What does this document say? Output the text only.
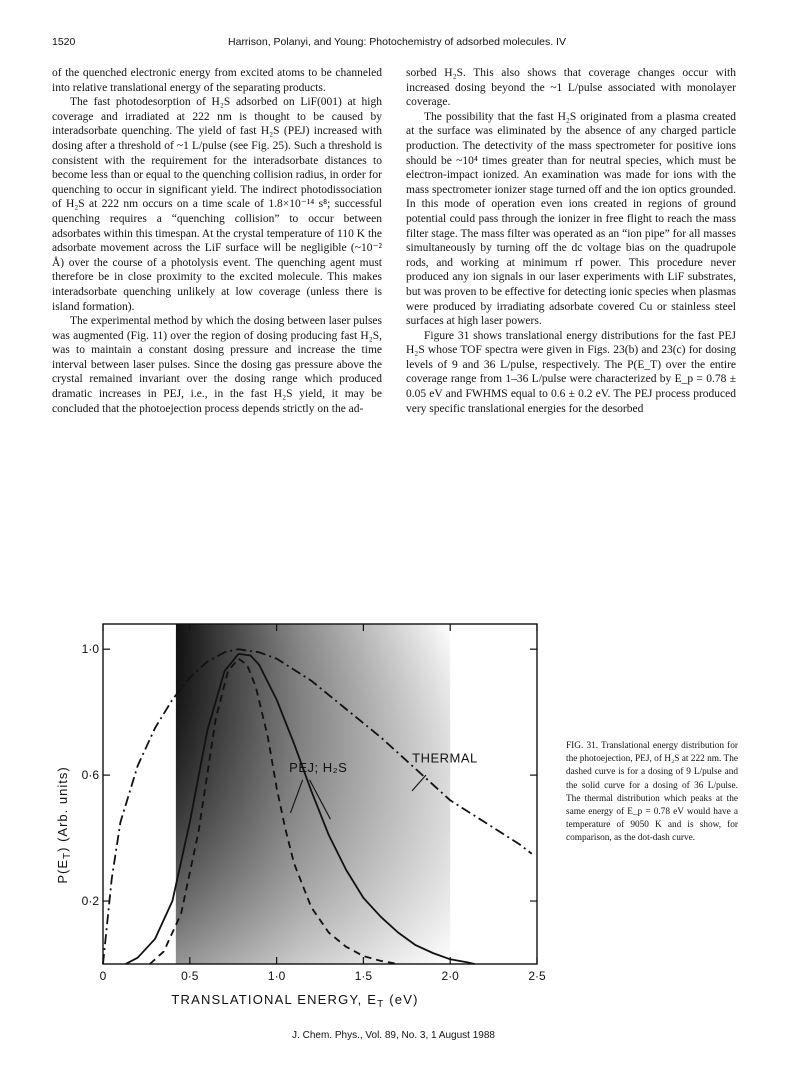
1520	Harrison, Polanyi, and Young: Photochemistry of adsorbed molecules. IV

of the quenched electronic energy from excited atoms to be channeled into relative translational energy of the separating products.

The fast photodesorption of H₂S adsorbed on LiF(001) at high coverage and irradiated at 222 nm is thought to be caused by interadsorbate quenching. The yield of fast H₂S (PEJ) increased with dosing after a threshold of ~1 L/pulse (see Fig. 25). Such a threshold is consistent with the requirement for the interadsorbate distances to become less than or equal to the quenching collision radius, in order for quenching to occur in significant yield. The indirect photodissociation of H₂S at 222 nm occurs on a time scale of 1.8×10⁻¹⁴ s⁸; successful quenching requires a “quenching collision” to occur between adsorbates within this timespan. At the crystal temperature of 110 K the adsorbate movement across the LiF surface will be negligible (~10⁻² Å) over the course of a photolysis event. The quenching agent must therefore be in close proximity to the excited molecule. This makes interadsorbate quenching unlikely at low coverage (unless there is island formation).

The experimental method by which the dosing between laser pulses was augmented (Fig. 11) over the region of dosing producing fast H₂S, was to maintain a constant dosing pressure and increase the time interval between laser pulses. Since the dosing gas pressure above the crystal remained invariant over the dosing range which produced dramatic increases in PEJ, i.e., in the fast H₂S yield, it may be concluded that the photoejection process depends strictly on the ad-

sorbed H₂S. This also shows that coverage changes occur with increased dosing beyond the ~1 L/pulse associated with monolayer coverage.

The possibility that the fast H₂S originated from a plasma created at the surface was eliminated by the absence of any charged particle production. The detectivity of the mass spectrometer for positive ions should be ~10⁴ times greater than for neutral species, which must be electron-impact ionized. An examination was made for ions with the mass spectrometer ionizer stage turned off and the ion optics grounded. In this mode of operation even ions created in regions of ground potential could pass through the ionizer in free flight to reach the mass filter stage. The mass filter was operated as an “ion pipe” for all masses simultaneously by turning off the dc voltage bias on the quadrupole rods, and working at minimum rf power. This procedure never produced any ion signals in our laser experiments with LiF substrates, but was proven to be effective for detecting ionic species when plasmas were produced by irradiating adsorbate covered Cu or stainless steel surfaces at high laser powers.

Figure 31 shows translational energy distributions for the fast PEJ H₂S whose TOF spectra were given in Figs. 23(b) and 23(c) for dosing levels of 9 and 36 L/pulse, respectively. The P(E_T) over the entire coverage range from 1–36 L/pulse were characterized by E_p = 0.78 ± 0.05 eV and FWHMS equal to 0.6 ± 0.2 eV. The PEJ process produced very specific translational energies for the desorbed

0	0·5	1·0	1·5	2·0	2·5
0·2
0·6
1·0
PEJ; H₂S
THERMAL
TRANSLATIONAL ENERGY, $E_T$ (eV)
$P(E_T)$ (Arb. units)
FIG. 31. Translational energy distribution for the photoejection, PEJ, of H₂S at 222 nm. The dashed curve is for a dosing of 9 L/pulse and the solid curve for a dosing of 36 L/pulse. The thermal distribution which peaks at the same energy of E_p = 0.78 eV would have a temperature of 9050 K and is show, for comparison, as the dot-dash curve.
J. Chem. Phys., Vol. 89, No. 3, 1 August 1988
